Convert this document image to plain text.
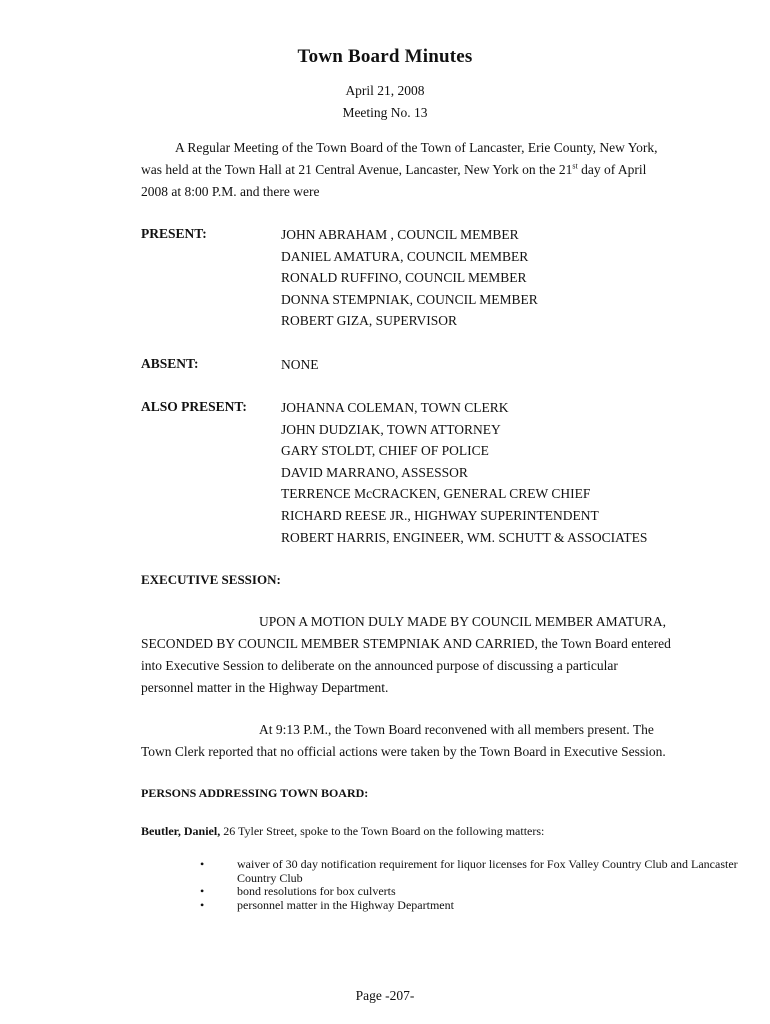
Town Board Minutes
April 21, 2008
Meeting No. 13
A Regular Meeting of the Town Board of the Town of Lancaster, Erie County, New York,
was held at the Town Hall at 21 Central Avenue, Lancaster, New York on the 21st day of April
2008 at 8:00 P.M. and there were
PRESENT:	JOHN ABRAHAM , COUNCIL MEMBER
DANIEL AMATURA, COUNCIL MEMBER
RONALD RUFFINO, COUNCIL MEMBER
DONNA STEMPNIAK, COUNCIL MEMBER
ROBERT GIZA, SUPERVISOR
ABSENT:	NONE
ALSO PRESENT:	JOHANNA COLEMAN, TOWN CLERK
JOHN DUDZIAK, TOWN ATTORNEY
GARY STOLDT, CHIEF OF POLICE
DAVID MARRANO, ASSESSOR
TERRENCE McCRACKEN, GENERAL CREW CHIEF
RICHARD REESE JR., HIGHWAY SUPERINTENDENT
ROBERT HARRIS, ENGINEER, WM. SCHUTT & ASSOCIATES
EXECUTIVE SESSION:
UPON A MOTION DULY MADE BY COUNCIL MEMBER AMATURA,
SECONDED BY COUNCIL MEMBER STEMPNIAK AND CARRIED, the Town Board entered
into Executive Session to deliberate on the announced purpose of discussing a particular
personnel matter in the Highway Department.
At 9:13 P.M., the Town Board reconvened with all members present. The
Town Clerk reported that no official actions were taken by the Town Board in Executive Session.
PERSONS ADDRESSING TOWN BOARD:
Beutler, Daniel, 26 Tyler Street, spoke to the Town Board on the following matters:
•	waiver of 30 day notification requirement for liquor licenses for Fox Valley Country Club and Lancaster Country Club
•	bond resolutions for box culverts
•	personnel matter in the Highway Department
Page -207-
